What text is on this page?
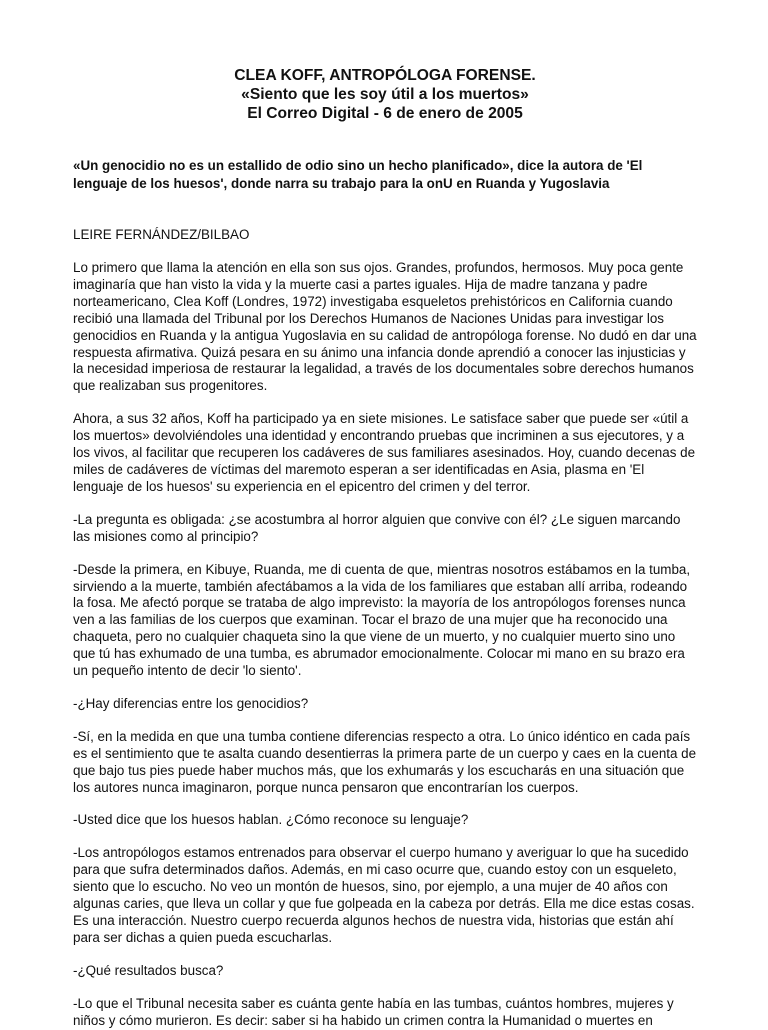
CLEA KOFF, ANTROPÓLOGA FORENSE.
«Siento que les soy útil a los muertos»
El Correo Digital - 6 de enero de 2005
«Un genocidio no es un estallido de odio sino un hecho planificado», dice la autora de 'El lenguaje de los huesos', donde narra su trabajo para la onU en Ruanda y Yugoslavia
LEIRE FERNÁNDEZ/BILBAO
Lo primero que llama la atención en ella son sus ojos. Grandes, profundos, hermosos. Muy poca gente imaginaría que han visto la vida y la muerte casi a partes iguales. Hija de madre tanzana y padre norteamericano, Clea Koff (Londres, 1972) investigaba esqueletos prehistóricos en California cuando recibió una llamada del Tribunal por los Derechos Humanos de Naciones Unidas para investigar los genocidios en Ruanda y la antigua Yugoslavia en su calidad de antropóloga forense. No dudó en dar una respuesta afirmativa. Quizá pesara en su ánimo una infancia donde aprendió a conocer las injusticias y la necesidad imperiosa de restaurar la legalidad, a través de los documentales sobre derechos humanos que realizaban sus progenitores.
Ahora, a sus 32 años, Koff ha participado ya en siete misiones. Le satisface saber que puede ser «útil a los muertos» devolviéndoles una identidad y encontrando pruebas que incriminen a sus ejecutores, y a los vivos, al facilitar que recuperen los cadáveres de sus familiares asesinados. Hoy, cuando decenas de miles de cadáveres de víctimas del maremoto esperan a ser identificadas en Asia, plasma en 'El lenguaje de los huesos' su experiencia en el epicentro del crimen y del terror.
-La pregunta es obligada: ¿se acostumbra al horror alguien que convive con él? ¿Le siguen marcando las misiones como al principio?
-Desde la primera, en Kibuye, Ruanda, me di cuenta de que, mientras nosotros estábamos en la tumba, sirviendo a la muerte, también afectábamos a la vida de los familiares que estaban allí arriba, rodeando la fosa. Me afectó porque se trataba de algo imprevisto: la mayoría de los antropólogos forenses nunca ven a las familias de los cuerpos que examinan. Tocar el brazo de una mujer que ha reconocido una chaqueta, pero no cualquier chaqueta sino la que viene de un muerto, y no cualquier muerto sino uno que tú has exhumado de una tumba, es abrumador emocionalmente. Colocar mi mano en su brazo era un pequeño intento de decir 'lo siento'.
-¿Hay diferencias entre los genocidios?
-Sí, en la medida en que una tumba contiene diferencias respecto a otra. Lo único idéntico en cada país es el sentimiento que te asalta cuando desentierras la primera parte de un cuerpo y caes en la cuenta de que bajo tus pies puede haber muchos más, que los exhumarás y los escucharás en una situación que los autores nunca imaginaron, porque nunca pensaron que encontrarían los cuerpos.
-Usted dice que los huesos hablan. ¿Cómo reconoce su lenguaje?
-Los antropólogos estamos entrenados para observar el cuerpo humano y averiguar lo que ha sucedido para que sufra determinados daños. Además, en mi caso ocurre que, cuando estoy con un esqueleto, siento que lo escucho. No veo un montón de huesos, sino, por ejemplo, a una mujer de 40 años con algunas caries, que lleva un collar y que fue golpeada en la cabeza por detrás. Ella me dice estas cosas. Es una interacción. Nuestro cuerpo recuerda algunos hechos de nuestra vida, historias que están ahí para ser dichas a quien pueda escucharlas.
-¿Qué resultados busca?
-Lo que el Tribunal necesita saber es cuánta gente había en las tumbas, cuántos hombres, mujeres y niños y cómo murieron. Es decir: saber si ha habido un crimen contra la Humanidad o muertes en
